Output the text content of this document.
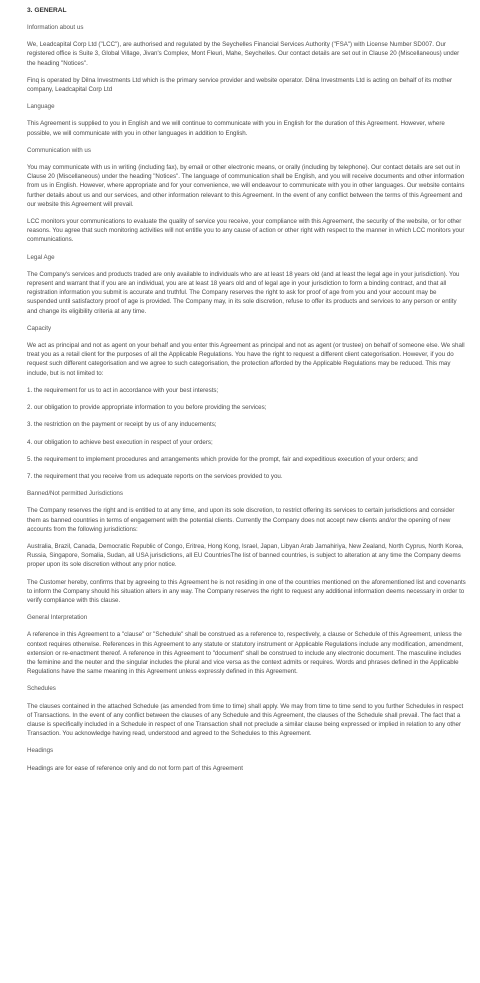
3. GENERAL
Information about us

We, Leadcapital Corp Ltd ("LCC"), are authorised and regulated by the Seychelles Financial Services Authority ("FSA") with License Number SD007. Our registered office is Suite 3, Global Village, Jivan's Complex, Mont Fleuri, Mahe, Seychelles. Our contact details are set out in Clause 20 (Miscellaneous) under the heading "Notices".

Finq is operated by Dilna Investments Ltd which is the primary service provider and website operator. Dilna Investments Ltd is acting on behalf of its mother company, Leadcapital Corp Ltd

Language

This Agreement is supplied to you in English and we will continue to communicate with you in English for the duration of this Agreement. However, where possible, we will communicate with you in other languages in addition to English.

Communication with us

You may communicate with us in writing (including fax), by email or other electronic means, or orally (including by telephone). Our contact details are set out in Clause 20 (Miscellaneous) under the heading "Notices". The language of communication shall be English, and you will receive documents and other information from us in English. However, where appropriate and for your convenience, we will endeavour to communicate with you in other languages. Our website contains further details about us and our services, and other information relevant to this Agreement. In the event of any conflict between the terms of this Agreement and our website this Agreement will prevail.

LCC monitors your communications to evaluate the quality of service you receive, your compliance with this Agreement, the security of the website, or for other reasons. You agree that such monitoring activities will not entitle you to any cause of action or other right with respect to the manner in which LCC monitors your communications.

Legal Age

The Company's services and products traded are only available to individuals who are at least 18 years old (and at least the legal age in your jurisdiction). You represent and warrant that if you are an individual, you are at least 18 years old and of legal age in your jurisdiction to form a binding contract, and that all registration information you submit is accurate and truthful. The Company reserves the right to ask for proof of age from you and your account may be suspended until satisfactory proof of age is provided. The Company may, in its sole discretion, refuse to offer its products and services to any person or entity and change its eligibility criteria at any time.

Capacity

We act as principal and not as agent on your behalf and you enter this Agreement as principal and not as agent (or trustee) on behalf of someone else. We shall treat you as a retail client for the purposes of all the Applicable Regulations. You have the right to request a different client categorisation. However, if you do request such different categorisation and we agree to such categorisation, the protection afforded by the Applicable Regulations may be reduced. This may include, but is not limited to:

1. the requirement for us to act in accordance with your best interests;
2. our obligation to provide appropriate information to you before providing the services;
3. the restriction on the payment or receipt by us of any inducements;
4. our obligation to achieve best execution in respect of your orders;
5. the requirement to implement procedures and arrangements which provide for the prompt, fair and expeditious execution of your orders; and
7. the requirement that you receive from us adequate reports on the services provided to you.
Banned/Not permitted Jurisdictions

The Company reserves the right and is entitled to at any time, and upon its sole discretion, to restrict offering its services to certain jurisdictions and consider them as banned countries in terms of engagement with the potential clients. Currently the Company does not accept new clients and/or the opening of new accounts from the following jurisdictions:

Australia, Brazil, Canada, Democratic Republic of Congo, Eritrea, Hong Kong, Israel, Japan, Libyan Arab Jamahiriya, New Zealand, North Cyprus, North Korea, Russia, Singapore, Somalia, Sudan, all USA jurisdictions, all EU CountriesThe list of banned countries, is subject to alteration at any time the Company deems proper upon its sole discretion without any prior notice.

The Customer hereby, confirms that by agreeing to this Agreement he is not residing in one of the countries mentioned on the aforementioned list and covenants to inform the Company should his situation alters in any way. The Company reserves the right to request any additional information deems necessary in order to verify compliance with this clause.

General Interpretation

A reference in this Agreement to a "clause" or "Schedule" shall be construed as a reference to, respectively, a clause or Schedule of this Agreement, unless the context requires otherwise. References in this Agreement to any statute or statutory instrument or Applicable Regulations include any modification, amendment, extension or re-enactment thereof. A reference in this Agreement to "document" shall be construed to include any electronic document. The masculine includes the feminine and the neuter and the singular includes the plural and vice versa as the context admits or requires. Words and phrases defined in the Applicable Regulations have the same meaning in this Agreement unless expressly defined in this Agreement.

Schedules

The clauses contained in the attached Schedule (as amended from time to time) shall apply. We may from time to time send to you further Schedules in respect of Transactions. In the event of any conflict between the clauses of any Schedule and this Agreement, the clauses of the Schedule shall prevail. The fact that a clause is specifically included in a Schedule in respect of one Transaction shall not preclude a similar clause being expressed or implied in relation to any other Transaction. You acknowledge having read, understood and agreed to the Schedules to this Agreement.

Headings

Headings are for ease of reference only and do not form part of this Agreement
